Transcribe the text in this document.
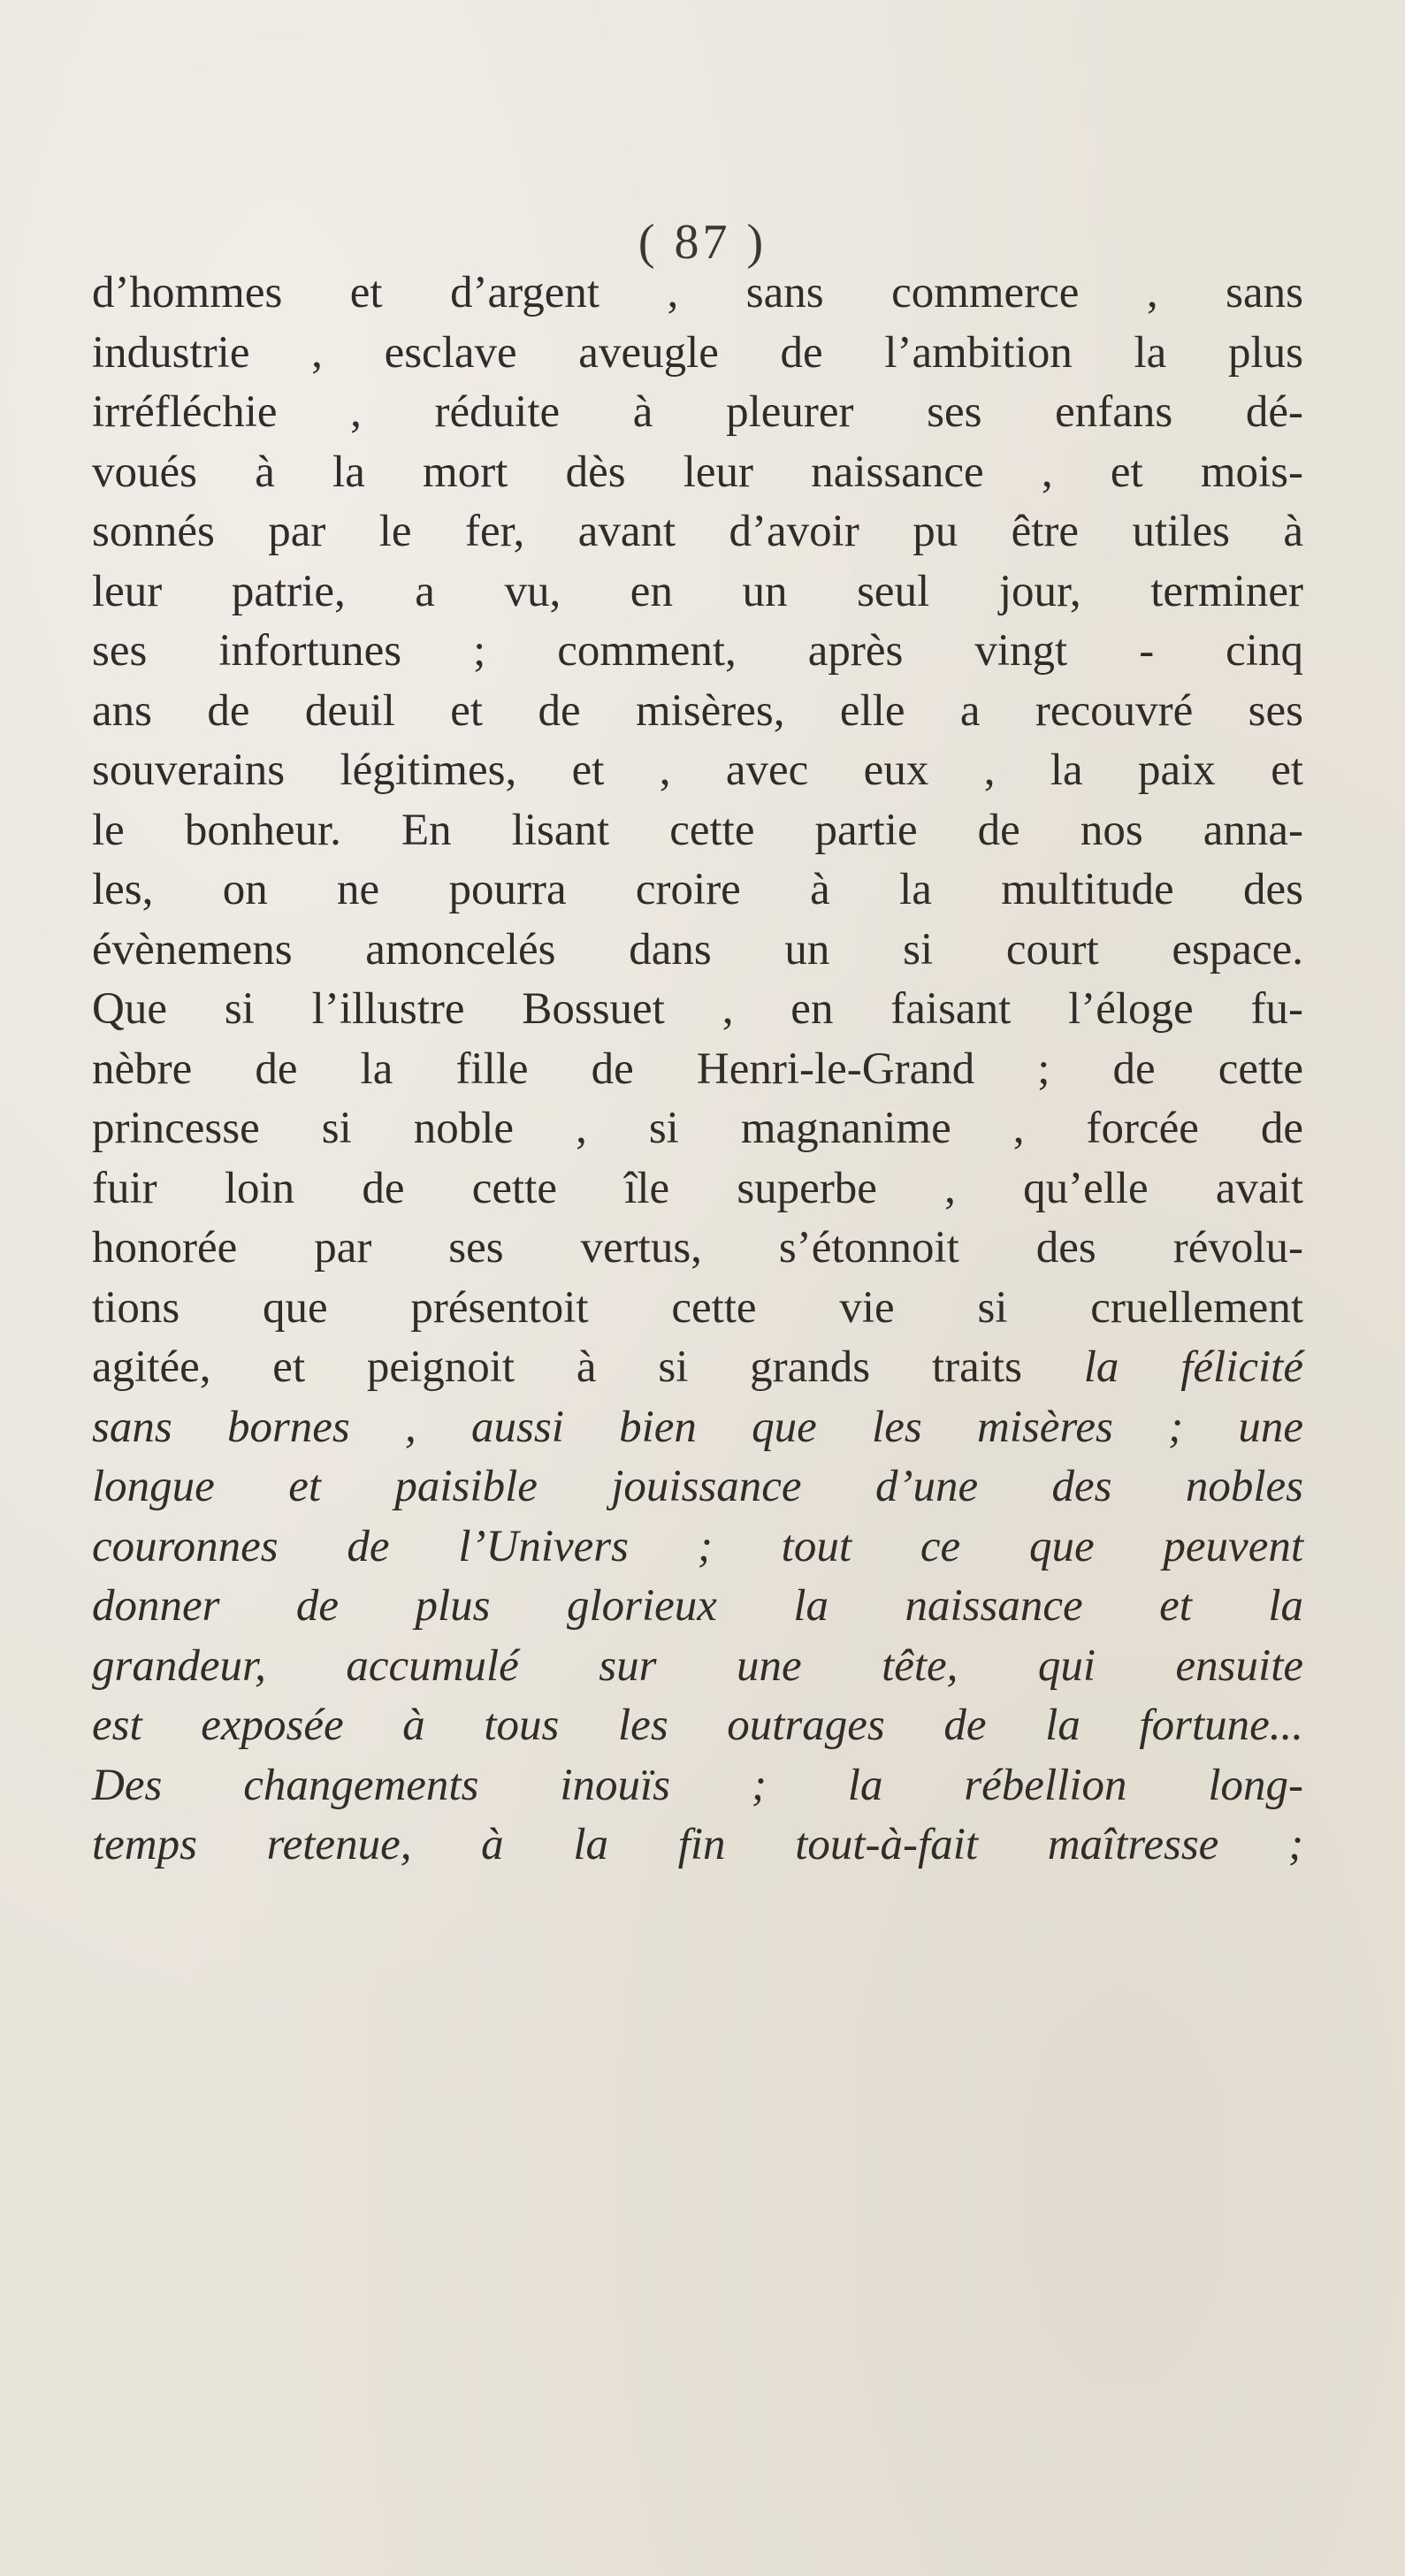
( 87 )
d’hommes et d’argent , sans commerce , sans
industrie , esclave aveugle de l’ambition la plus
irréfléchie , réduite à pleurer ses enfans dé-
voués à la mort dès leur naissance , et mois-
sonnés par le fer, avant d’avoir pu être utiles à
leur patrie, a vu, en un seul jour, terminer
ses infortunes ; comment, après vingt - cinq
ans de deuil et de misères, elle a recouvré ses
souverains légitimes, et , avec eux , la paix et
le bonheur. En lisant cette partie de nos anna-
les, on ne pourra croire à la multitude des
évènemens amoncelés dans un si court espace.
Que si l’illustre Bossuet , en faisant l’éloge fu-
nèbre de la fille de Henri-le-Grand ; de cette
princesse si noble , si magnanime , forcée de
fuir loin de cette île superbe , qu’elle avait
honorée par ses vertus, s’étonnoit des révolu-
tions que présentoit cette vie si cruellement
agitée, et peignoit à si grands traits la félicité
sans bornes , aussi bien que les misères ; une
longue et paisible jouissance d’une des nobles
couronnes de l’Univers ; tout ce que peuvent
donner de plus glorieux la naissance et la
grandeur, accumulé sur une tête, qui ensuite
est exposée à tous les outrages de la fortune...
Des changements inouïs ; la rébellion long-
temps retenue, à la fin tout-à-fait maîtresse ;
